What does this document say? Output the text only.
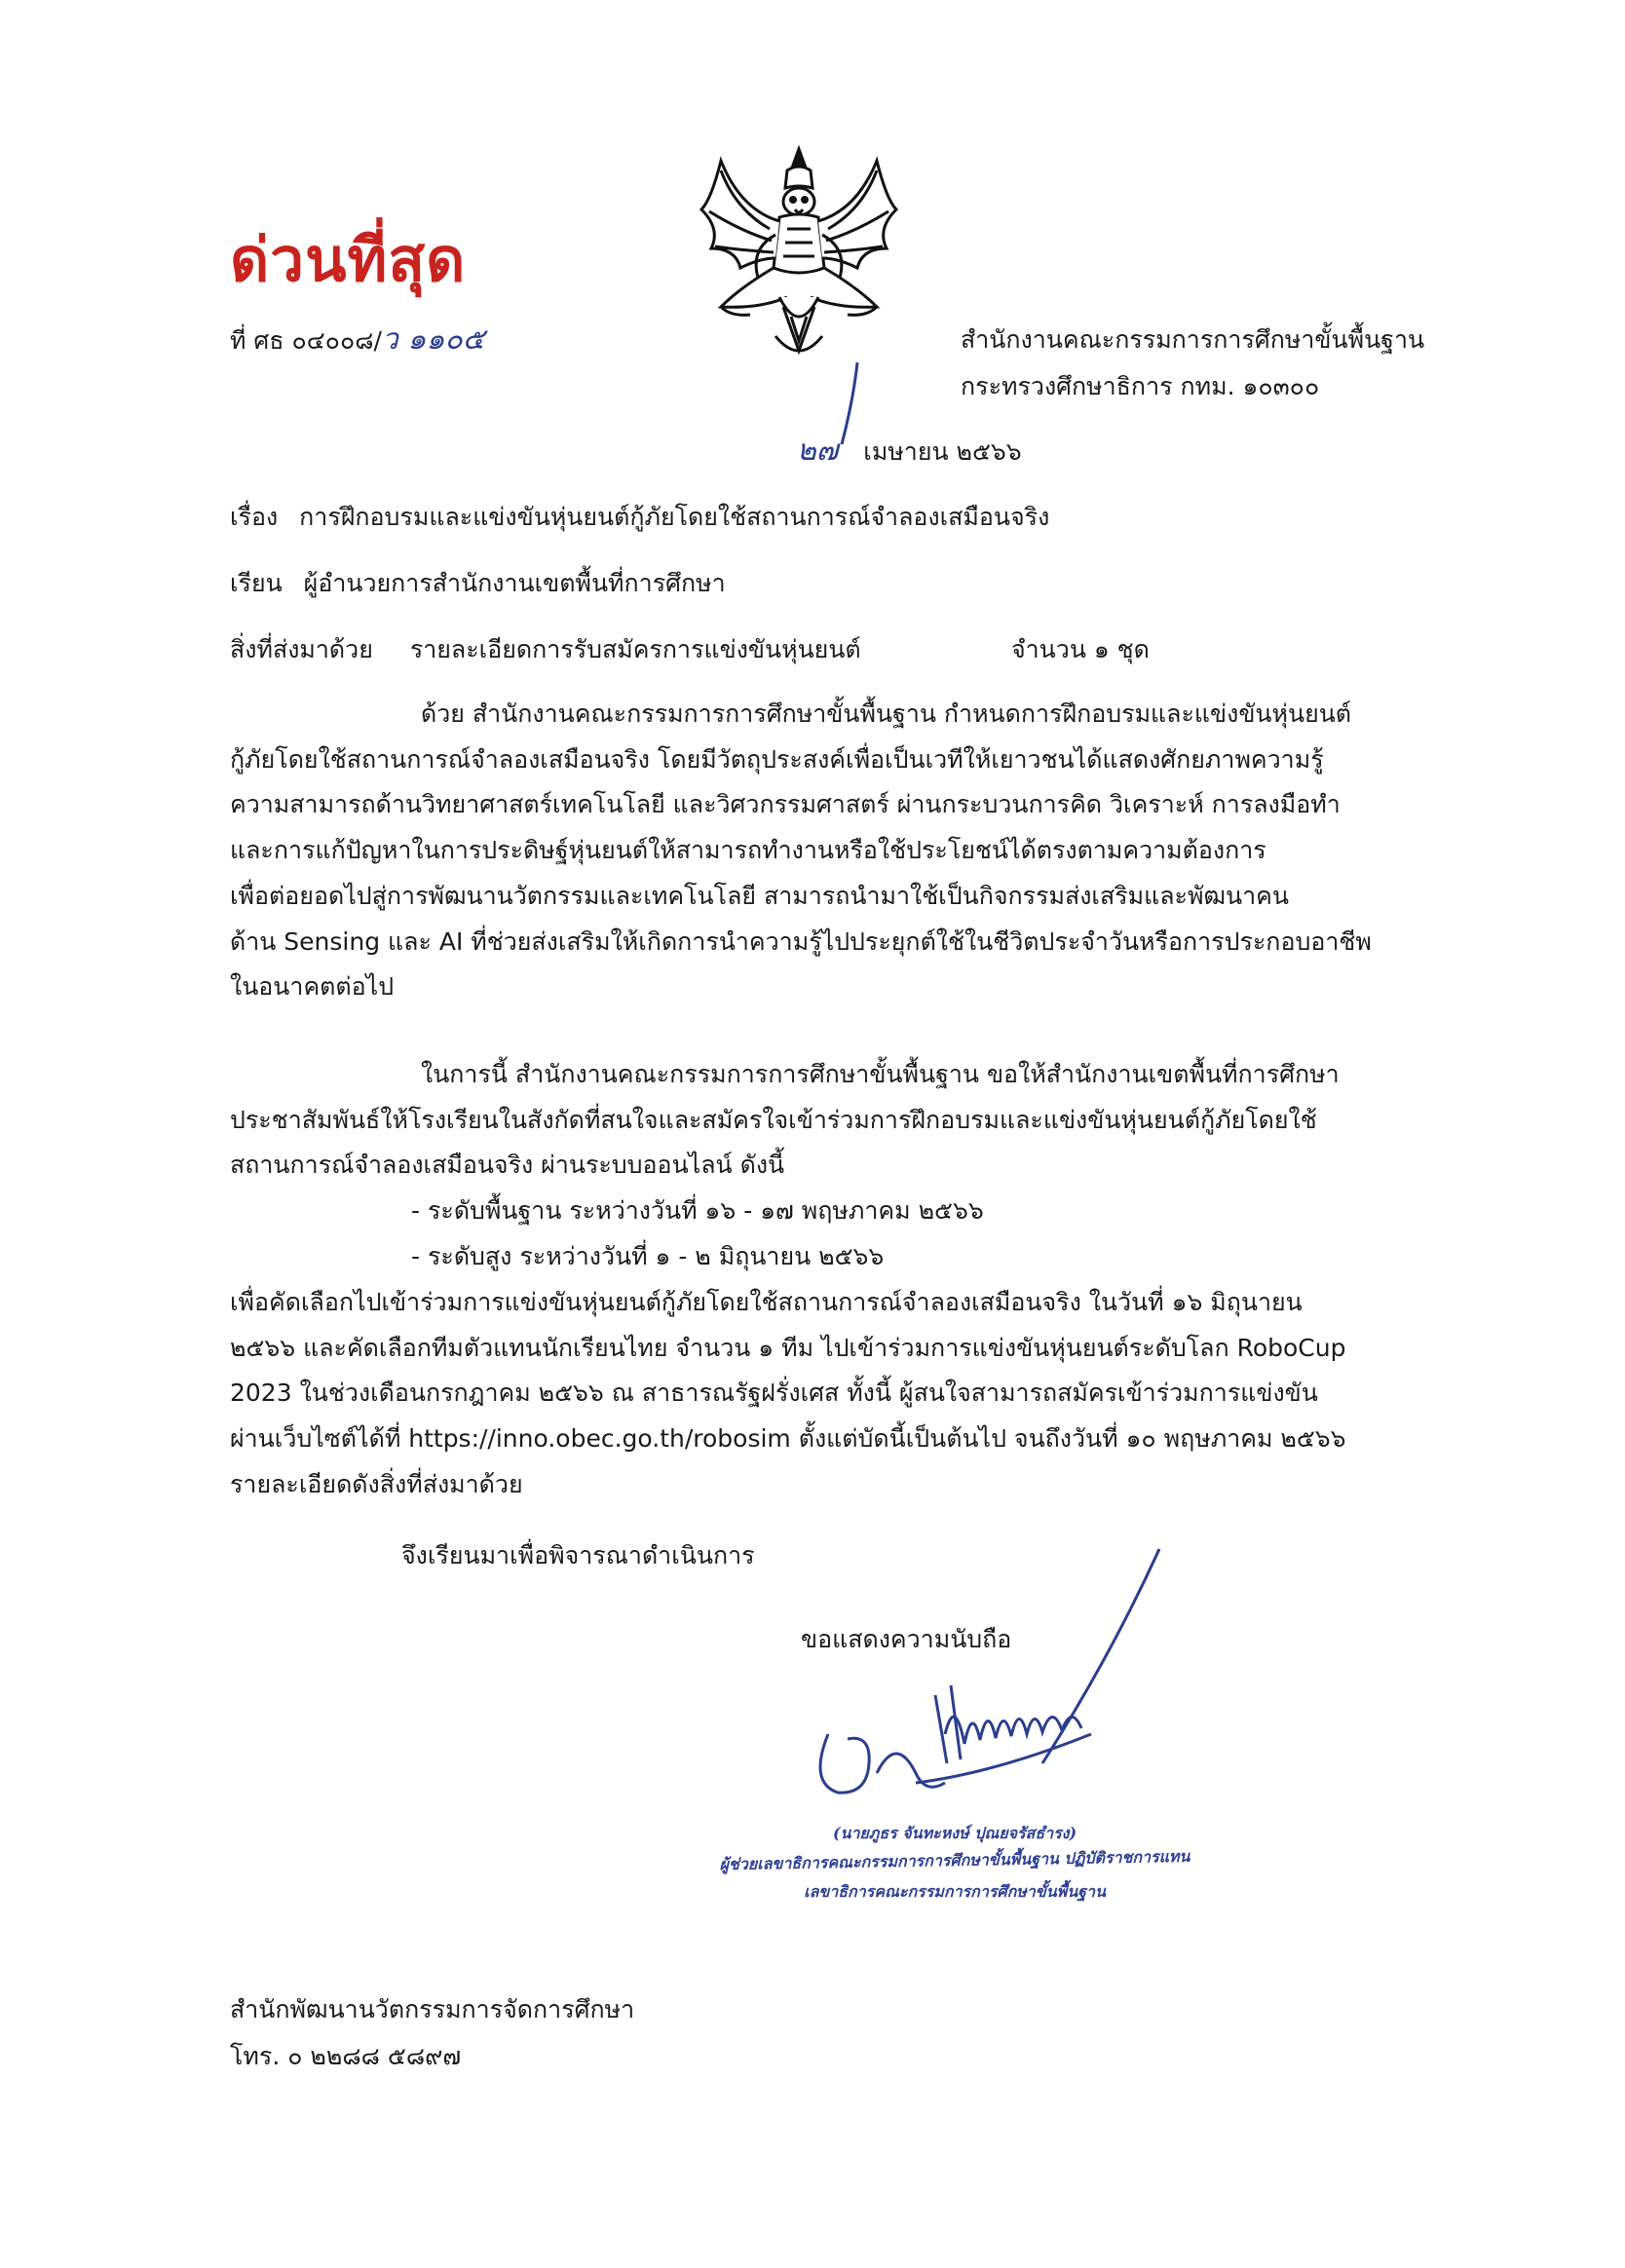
ด่วนที่สุด
ที่ ศธ ๐๔๐๐๘/ว ๑๑๐๕	สำนักงานคณะกรรมการการศึกษาขั้นพื้นฐาน
กระทรวงศึกษาธิการ กทม. ๑๐๓๐๐
๒๗ เมษายน ๒๕๖๖
เรื่อง การฝึกอบรมและแข่งขันหุ่นยนต์กู้ภัยโดยใช้สถานการณ์จำลองเสมือนจริง
เรียน ผู้อำนวยการสำนักงานเขตพื้นที่การศึกษา
สิ่งที่ส่งมาด้วย รายละเอียดการรับสมัครการแข่งขันหุ่นยนต์	จำนวน ๑ ชุด
ด้วย สำนักงานคณะกรรมการการศึกษาขั้นพื้นฐาน กำหนดการฝึกอบรมและแข่งขันหุ่นยนต์
กู้ภัยโดยใช้สถานการณ์จำลองเสมือนจริง โดยมีวัตถุประสงค์เพื่อเป็นเวทีให้เยาวชนได้แสดงศักยภาพความรู้
ความสามารถด้านวิทยาศาสตร์เทคโนโลยี และวิศวกรรมศาสตร์ ผ่านกระบวนการคิด วิเคราะห์ การลงมือทำ
และการแก้ปัญหาในการประดิษฐ์หุ่นยนต์ให้สามารถทำงานหรือใช้ประโยชน์ได้ตรงตามความต้องการ
เพื่อต่อยอดไปสู่การพัฒนานวัตกรรมและเทคโนโลยี สามารถนำมาใช้เป็นกิจกรรมส่งเสริมและพัฒนาคน
ด้าน Sensing และ AI ที่ช่วยส่งเสริมให้เกิดการนำความรู้ไปประยุกต์ใช้ในชีวิตประจำวันหรือการประกอบอาชีพ
ในอนาคตต่อไป
ในการนี้ สำนักงานคณะกรรมการการศึกษาขั้นพื้นฐาน ขอให้สำนักงานเขตพื้นที่การศึกษา
ประชาสัมพันธ์ให้โรงเรียนในสังกัดที่สนใจและสมัครใจเข้าร่วมการฝึกอบรมและแข่งขันหุ่นยนต์กู้ภัยโดยใช้
สถานการณ์จำลองเสมือนจริง ผ่านระบบออนไลน์ ดังนี้
- ระดับพื้นฐาน ระหว่างวันที่ ๑๖ - ๑๗ พฤษภาคม ๒๕๖๖
- ระดับสูง ระหว่างวันที่ ๑ - ๒ มิถุนายน ๒๕๖๖
เพื่อคัดเลือกไปเข้าร่วมการแข่งขันหุ่นยนต์กู้ภัยโดยใช้สถานการณ์จำลองเสมือนจริง ในวันที่ ๑๖ มิถุนายน
๒๕๖๖ และคัดเลือกทีมตัวแทนนักเรียนไทย จำนวน ๑ ทีม ไปเข้าร่วมการแข่งขันหุ่นยนต์ระดับโลก RoboCup
2023 ในช่วงเดือนกรกฎาคม ๒๕๖๖ ณ สาธารณรัฐฝรั่งเศส ทั้งนี้ ผู้สนใจสามารถสมัครเข้าร่วมการแข่งขัน
ผ่านเว็บไซต์ได้ที่ https://inno.obec.go.th/robosim ตั้งแต่บัดนี้เป็นต้นไป จนถึงวันที่ ๑๐ พฤษภาคม ๒๕๖๖
รายละเอียดดังสิ่งที่ส่งมาด้วย
จึงเรียนมาเพื่อพิจารณาดำเนินการ
ขอแสดงความนับถือ
(นายภูธร จันทะหงษ์ ปุณยจรัสธำรง)
ผู้ช่วยเลขาธิการคณะกรรมการการศึกษาขั้นพื้นฐาน ปฏิบัติราชการแทน
เลขาธิการคณะกรรมการการศึกษาขั้นพื้นฐาน
สำนักพัฒนานวัตกรรมการจัดการศึกษา
โทร. ๐ ๒๒๘๘ ๕๘๙๗
